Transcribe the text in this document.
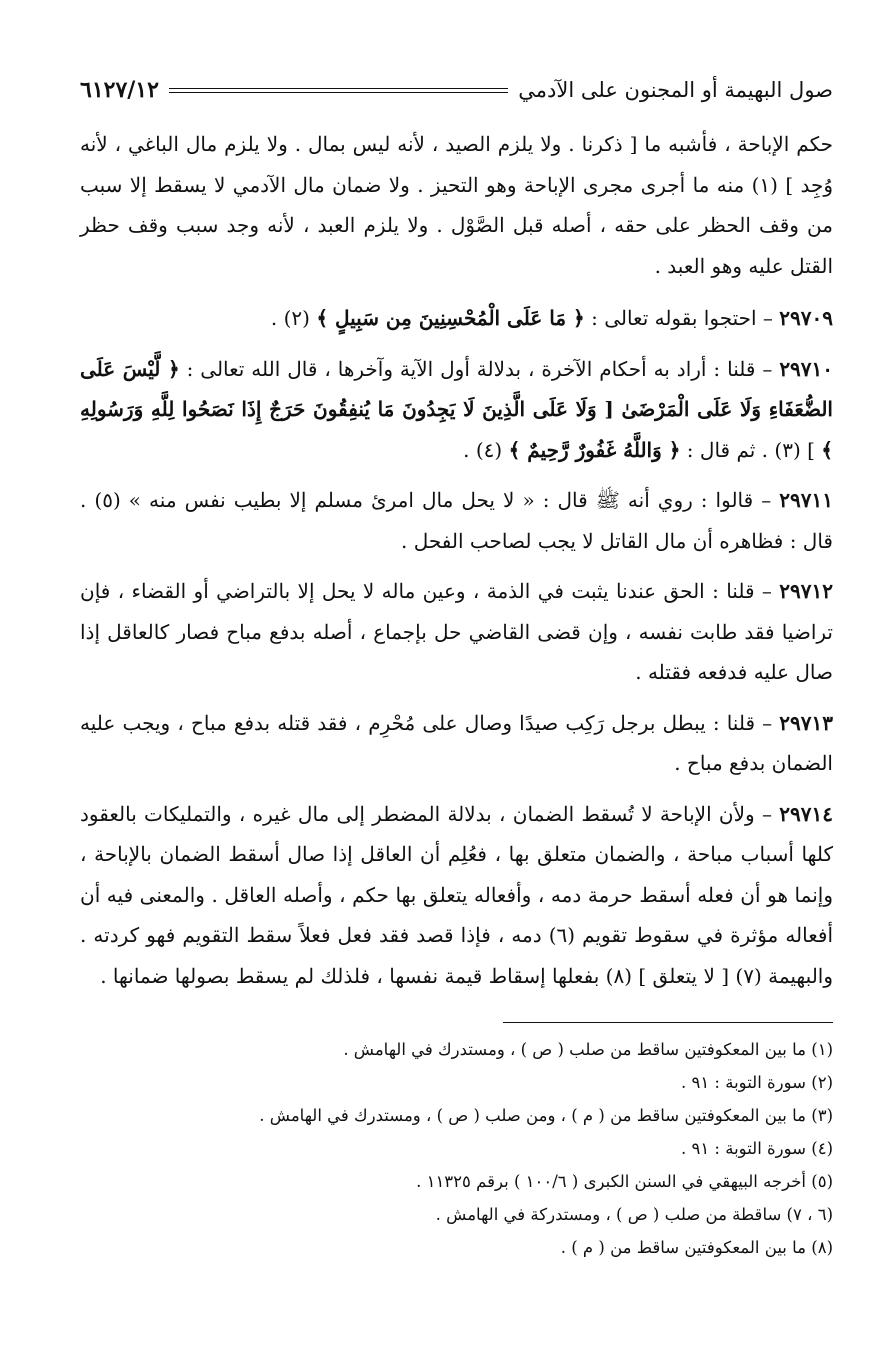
صول البهيمة أو المجنون على الآدمي
٦١٢٧/١٢

حكم الإباحة ، فأشبه ما [ ذكرنا . ولا يلزم الصيد ، لأنه ليس بمال . ولا يلزم مال الباغي ، لأنه وُجِد ] (١) منه ما أجرى مجرى الإباحة وهو التحيز . ولا ضمان مال الآدمي لا يسقط إلا سبب من وقف الحظر على حقه ، أصله قبل الصَّوْل . ولا يلزم العبد ، لأنه وجد سبب وقف حظر القتل عليه وهو العبد .

٢٩٧٠٩ – احتجوا بقوله تعالى : ﴿ مَا عَلَى الْمُحْسِنِينَ مِن سَبِيلٍ ﴾ (٢) .

٢٩٧١٠ – قلنا : أراد به أحكام الآخرة ، بدلالة أول الآية وآخرها ، قال الله تعالى : ﴿ لَّيْسَ عَلَى الضُّعَفَاءِ وَلَا عَلَى الْمَرْضَىٰ [ وَلَا عَلَى الَّذِينَ لَا يَجِدُونَ مَا يُنفِقُونَ حَرَجٌ إِذَا نَصَحُوا لِلَّهِ وَرَسُولِهِ ﴾ ] (٣) . ثم قال : ﴿ وَاللَّهُ غَفُورٌ رَّحِيمٌ ﴾ (٤) .

٢٩٧١١ – قالوا : روي أنه ﷺ قال : « لا يحل مال امرئ مسلم إلا بطيب نفس منه » (٥) . قال : فظاهره أن مال القاتل لا يجب لصاحب الفحل .

٢٩٧١٢ – قلنا : الحق عندنا يثبت في الذمة ، وعين ماله لا يحل إلا بالتراضي أو القضاء ، فإن تراضيا فقد طابت نفسه ، وإن قضى القاضي حل بإجماع ، أصله بدفع مباح فصار كالعاقل إذا صال عليه فدفعه فقتله .

٢٩٧١٣ – قلنا : يبطل برجل رَكِب صيدًا وصال على مُحْرِم ، فقد قتله بدفع مباح ، ويجب عليه الضمان بدفع مباح .

٢٩٧١٤ – ولأن الإباحة لا تُسقط الضمان ، بدلالة المضطر إلى مال غيره ، والتمليكات بالعقود كلها أسباب مباحة ، والضمان متعلق بها ، فعُلِم أن العاقل إذا صال أسقط الضمان بالإباحة ، وإنما هو أن فعله أسقط حرمة دمه ، وأفعاله يتعلق بها حكم ، وأصله العاقل . والمعنى فيه أن أفعاله مؤثرة في سقوط تقويم (٦) دمه ، فإذا قصد فقد فعل فعلاً سقط التقويم فهو كردته . والبهيمة (٧) [ لا يتعلق ] (٨) بفعلها إسقاط قيمة نفسها ، فلذلك لم يسقط بصولها ضمانها .

(١) ما بين المعكوفتين ساقط من صلب ( ص ) ، ومستدرك في الهامش .

(٢) سورة التوبة : ٩١ .

(٣) ما بين المعكوفتين ساقط من ( م ) ، ومن صلب ( ص ) ، ومستدرك في الهامش .

(٤) سورة التوبة : ٩١ .

(٥) أخرجه البيهقي في السنن الكبرى ( ١٠٠/٦ ) برقم ١١٣٢٥ .

(٦ ، ٧) ساقطة من صلب ( ص ) ، ومستدركة في الهامش .

(٨) ما بين المعكوفتين ساقط من ( م ) .
